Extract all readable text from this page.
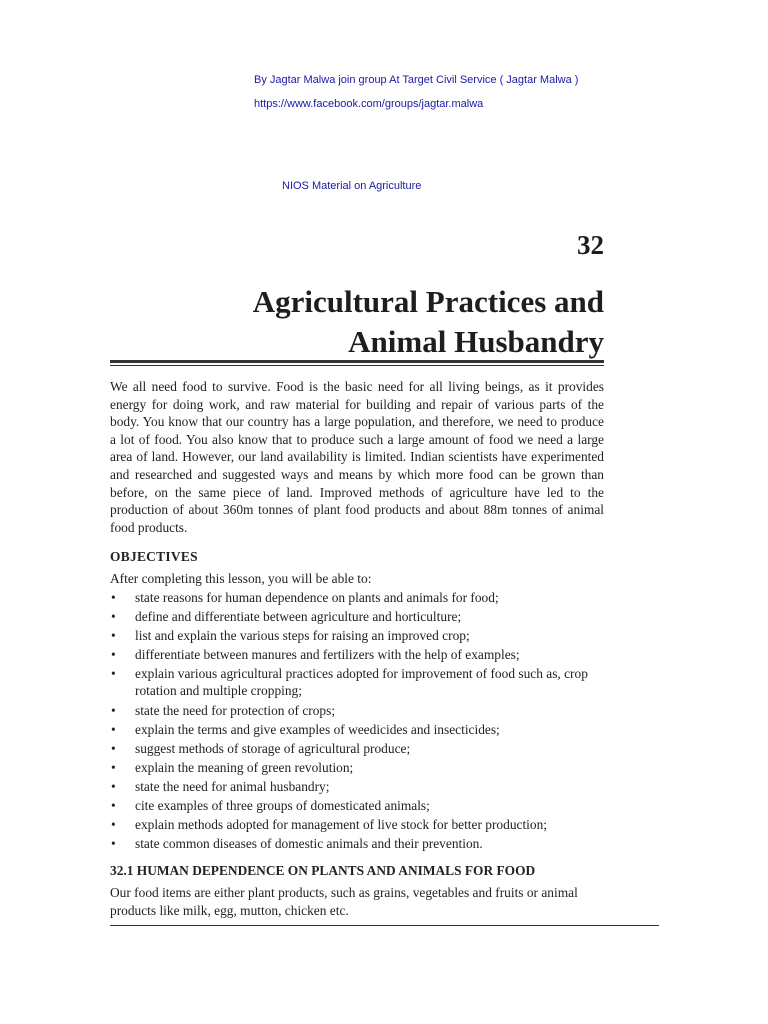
By Jagtar Malwa join group At Target Civil Service ( Jagtar Malwa )
https://www.facebook.com/groups/jagtar.malwa
NIOS Material on Agriculture
32
Agricultural Practices and
Animal Husbandry

We all need food to survive. Food is the basic need for all living beings, as it provides energy for doing work, and raw material for building and repair of various parts of the body. You know that our country has a large population, and therefore, we need to produce a lot of food. You also know that to produce such a large amount of food we need a large area of land. However, our land availability is limited. Indian scientists have experimented and researched and suggested ways and means by which more food can be grown than before, on the same piece of land. Improved methods of agriculture have led to the production of about 360m tonnes of plant food products and about 88m tonnes of animal food products.

OBJECTIVES

After completing this lesson, you will be able to:

• state reasons for human dependence on plants and animals for food;
• define and differentiate between agriculture and horticulture;
• list and explain the various steps for raising an improved crop;
• differentiate between manures and fertilizers with the help of examples;
• explain various agricultural practices adopted for improvement of food such as, crop rotation and multiple cropping;
• state the need for protection of crops;
• explain the terms and give examples of weedicides and insecticides;
• suggest methods of storage of agricultural produce;
• explain the meaning of green revolution;
• state the need for animal husbandry;
• cite examples of three groups of domesticated animals;
• explain methods adopted for management of live stock for better production;
• state common diseases of domestic animals and their prevention.
32.1 HUMAN DEPENDENCE ON PLANTS AND ANIMALS FOR FOOD

Our food items are either plant products, such as grains, vegetables and fruits or animal products like milk, egg, mutton, chicken etc.
